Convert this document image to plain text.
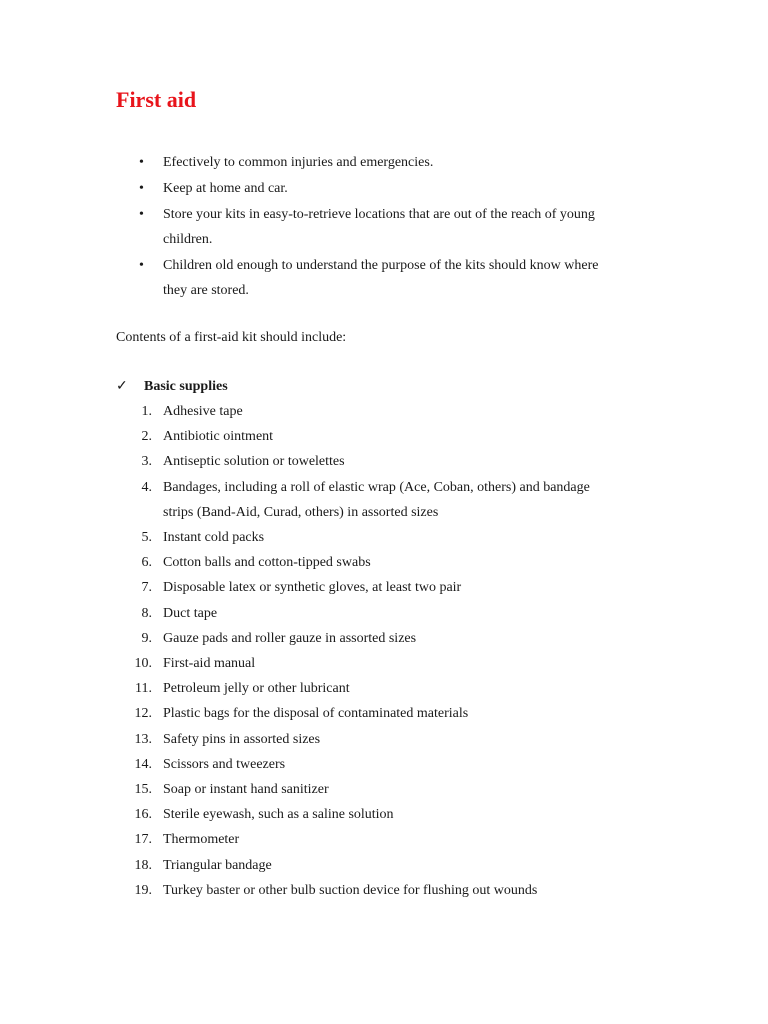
First aid
• Efectively to common injuries and emergencies.
• Keep at home and car.
• Store your kits in easy-to-retrieve locations that are out of the reach of young
children.
• Children old enough to understand the purpose of the kits should know where
they are stored.

Contents of a first-aid kit should include:

✓ Basic supplies
1. Adhesive tape
2. Antibiotic ointment
3. Antiseptic solution or towelettes
4. Bandages, including a roll of elastic wrap (Ace, Coban, others) and bandage
strips (Band-Aid, Curad, others) in assorted sizes
5. Instant cold packs
6. Cotton balls and cotton-tipped swabs
7. Disposable latex or synthetic gloves, at least two pair
8. Duct tape
9. Gauze pads and roller gauze in assorted sizes
10. First-aid manual
11. Petroleum jelly or other lubricant
12. Plastic bags for the disposal of contaminated materials
13. Safety pins in assorted sizes
14. Scissors and tweezers
15. Soap or instant hand sanitizer
16. Sterile eyewash, such as a saline solution
17. Thermometer
18. Triangular bandage
19. Turkey baster or other bulb suction device for flushing out wounds
